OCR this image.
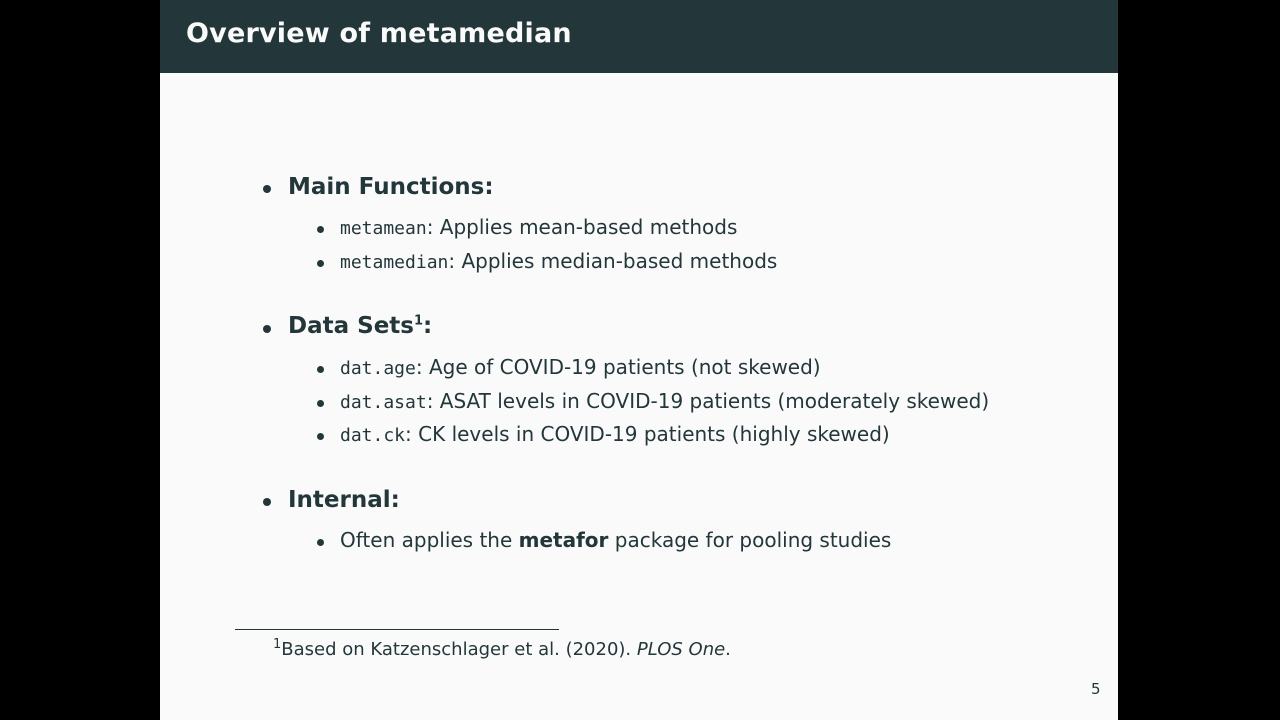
Overview of metamedian
Main Functions:
metamean: Applies mean-based methods
metamedian: Applies median-based methods
Data Sets$^1$:
dat.age: Age of COVID-19 patients (not skewed)
dat.asat: ASAT levels in COVID-19 patients (moderately skewed)
dat.ck: CK levels in COVID-19 patients (highly skewed)
Internal:
Often applies the metafor package for pooling studies
$^1$Based on Katzenschlager et al. (2020). PLOS One.
5
